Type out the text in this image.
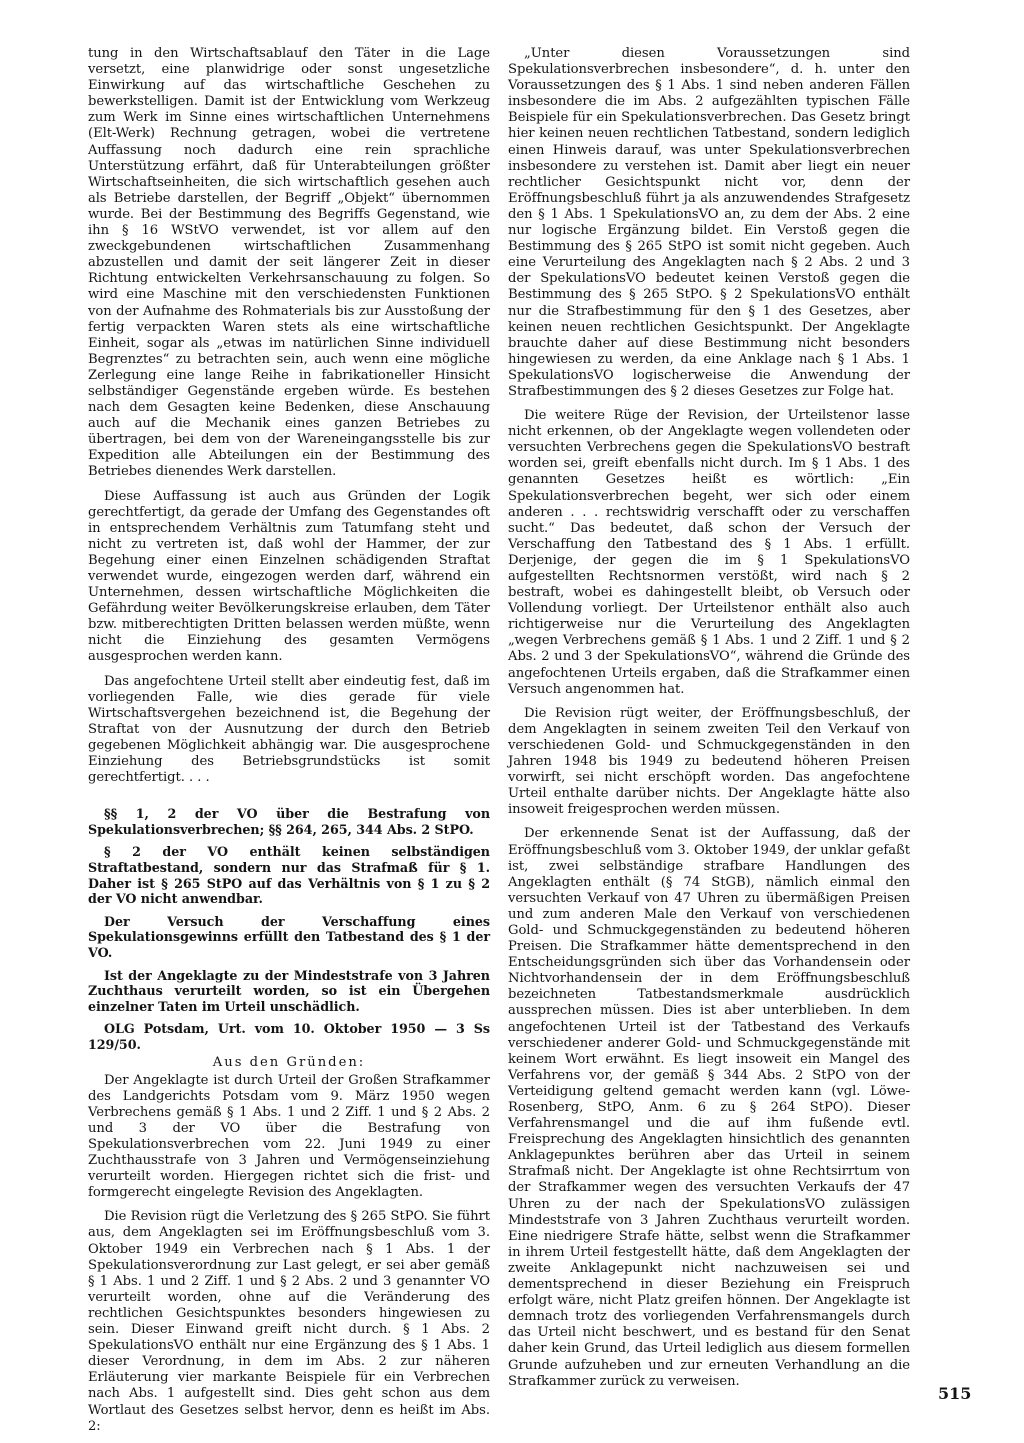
tung in den Wirtschaftsablauf den Täter in die Lage versetzt, eine planwidrige oder sonst ungesetzliche Einwirkung auf das wirtschaftliche Geschehen zu bewerkstelligen. Damit ist der Entwicklung vom Werkzeug zum Werk im Sinne eines wirtschaftlichen Unternehmens (Elt-Werk) Rechnung getragen, wobei die vertretene Auffassung noch dadurch eine rein sprachliche Unterstützung erfährt, daß für Unterabteilungen größter Wirtschaftseinheiten, die sich wirtschaftlich gesehen auch als Betriebe darstellen, der Begriff „Objekt“ übernommen wurde. Bei der Bestimmung des Begriffs Gegenstand, wie ihn § 16 WStVO verwendet, ist vor allem auf den zweckgebundenen wirtschaftlichen Zusammenhang abzustellen und damit der seit längerer Zeit in dieser Richtung entwickelten Verkehrsanschauung zu folgen. So wird eine Maschine mit den verschiedensten Funktionen von der Aufnahme des Rohmaterials bis zur Ausstoßung der fertig verpackten Waren stets als eine wirtschaftliche Einheit, sogar als „etwas im natürlichen Sinne individuell Begrenztes“ zu betrachten sein, auch wenn eine mögliche Zerlegung eine lange Reihe in fabrikationeller Hinsicht selbständiger Gegenstände ergeben würde. Es bestehen nach dem Gesagten keine Bedenken, diese Anschauung auch auf die Mechanik eines ganzen Betriebes zu übertragen, bei dem von der Wareneingangsstelle bis zur Expedition alle Abteilungen ein der Bestimmung des Betriebes dienendes Werk darstellen.

Diese Auffassung ist auch aus Gründen der Logik gerechtfertigt, da gerade der Umfang des Gegenstandes oft in entsprechendem Verhältnis zum Tatumfang steht und nicht zu vertreten ist, daß wohl der Hammer, der zur Begehung einer einen Einzelnen schädigenden Straftat verwendet wurde, eingezogen werden darf, während ein Unternehmen, dessen wirtschaftliche Möglichkeiten die Gefährdung weiter Bevölkerungskreise erlauben, dem Täter bzw. mitberechtigten Dritten belassen werden müßte, wenn nicht die Einziehung des gesamten Vermögens ausgesprochen werden kann.

Das angefochtene Urteil stellt aber eindeutig fest, daß im vorliegenden Falle, wie dies gerade für viele Wirtschaftsvergehen bezeichnend ist, die Begehung der Straftat von der Ausnutzung der durch den Betrieb gegebenen Möglichkeit abhängig war. Die ausgesprochene Einziehung des Betriebsgrundstücks ist somit gerechtfertigt. . . .

§§ 1, 2 der VO über die Bestrafung von Spekulationsverbrechen; §§ 264, 265, 344 Abs. 2 StPO.

§ 2 der VO enthält keinen selbständigen Straftatbestand, sondern nur das Strafmaß für § 1. Daher ist § 265 StPO auf das Verhältnis von § 1 zu § 2 der VO nicht anwendbar.

Der Versuch der Verschaffung eines Spekulationsgewinns erfüllt den Tatbestand des § 1 der VO.

Ist der Angeklagte zu der Mindeststrafe von 3 Jahren Zuchthaus verurteilt worden, so ist ein Übergehen einzelner Taten im Urteil unschädlich.

OLG Potsdam, Urt. vom 10. Oktober 1950 — 3 Ss 129/50.

Aus den Gründen:

Der Angeklagte ist durch Urteil der Großen Strafkammer des Landgerichts Potsdam vom 9. März 1950 wegen Verbrechens gemäß § 1 Abs. 1 und 2 Ziff. 1 und § 2 Abs. 2 und 3 der VO über die Bestrafung von Spekulationsverbrechen vom 22. Juni 1949 zu einer Zuchthausstrafe von 3 Jahren und Vermögenseinziehung verurteilt worden. Hiergegen richtet sich die frist- und formgerecht eingelegte Revision des Angeklagten.

Die Revision rügt die Verletzung des § 265 StPO. Sie führt aus, dem Angeklagten sei im Eröffnungsbeschluß vom 3. Oktober 1949 ein Verbrechen nach § 1 Abs. 1 der Spekulationsverordnung zur Last gelegt, er sei aber gemäß § 1 Abs. 1 und 2 Ziff. 1 und § 2 Abs. 2 und 3 genannter VO verurteilt worden, ohne auf die Veränderung des rechtlichen Gesichtspunktes besonders hingewiesen zu sein. Dieser Einwand greift nicht durch. § 1 Abs. 2 SpekulationsVO enthält nur eine Ergänzung des § 1 Abs. 1 dieser Verordnung, in dem im Abs. 2 zur näheren Erläuterung vier markante Beispiele für ein Verbrechen nach Abs. 1 aufgestellt sind. Dies geht schon aus dem Wortlaut des Gesetzes selbst hervor, denn es heißt im Abs. 2:

„Unter diesen Voraussetzungen sind Spekulationsverbrechen insbesondere“, d. h. unter den Voraussetzungen des § 1 Abs. 1 sind neben anderen Fällen insbesondere die im Abs. 2 aufgezählten typischen Fälle Beispiele für ein Spekulationsverbrechen. Das Gesetz bringt hier keinen neuen rechtlichen Tatbestand, sondern lediglich einen Hinweis darauf, was unter Spekulationsverbrechen insbesondere zu verstehen ist. Damit aber liegt ein neuer rechtlicher Gesichtspunkt nicht vor, denn der Eröffnungsbeschluß führt ja als anzuwendendes Strafgesetz den § 1 Abs. 1 SpekulationsVO an, zu dem der Abs. 2 eine nur logische Ergänzung bildet. Ein Verstoß gegen die Bestimmung des § 265 StPO ist somit nicht gegeben. Auch eine Verurteilung des Angeklagten nach § 2 Abs. 2 und 3 der SpekulationsVO bedeutet keinen Verstoß gegen die Bestimmung des § 265 StPO. § 2 SpekulationsVO enthält nur die Strafbestimmung für den § 1 des Gesetzes, aber keinen neuen rechtlichen Gesichtspunkt. Der Angeklagte brauchte daher auf diese Bestimmung nicht besonders hingewiesen zu werden, da eine Anklage nach § 1 Abs. 1 SpekulationsVO logischerweise die Anwendung der Strafbestimmungen des § 2 dieses Gesetzes zur Folge hat.

Die weitere Rüge der Revision, der Urteilstenor lasse nicht erkennen, ob der Angeklagte wegen vollendeten oder versuchten Verbrechens gegen die SpekulationsVO bestraft worden sei, greift ebenfalls nicht durch. Im § 1 Abs. 1 des genannten Gesetzes heißt es wörtlich: „Ein Spekulationsverbrechen begeht, wer sich oder einem anderen . . . rechtswidrig verschafft oder zu verschaffen sucht.“ Das bedeutet, daß schon der Versuch der Verschaffung den Tatbestand des § 1 Abs. 1 erfüllt. Derjenige, der gegen die im § 1 SpekulationsVO aufgestellten Rechtsnormen verstößt, wird nach § 2 bestraft, wobei es dahingestellt bleibt, ob Versuch oder Vollendung vorliegt. Der Urteilstenor enthält also auch richtigerweise nur die Verurteilung des Angeklagten „wegen Verbrechens gemäß § 1 Abs. 1 und 2 Ziff. 1 und § 2 Abs. 2 und 3 der SpekulationsVO“, während die Gründe des angefochtenen Urteils ergaben, daß die Strafkammer einen Versuch angenommen hat.

Die Revision rügt weiter, der Eröffnungsbeschluß, der dem Angeklagten in seinem zweiten Teil den Verkauf von verschiedenen Gold- und Schmuckgegenständen in den Jahren 1948 bis 1949 zu bedeutend höheren Preisen vorwirft, sei nicht erschöpft worden. Das angefochtene Urteil enthalte darüber nichts. Der Angeklagte hätte also insoweit freigesprochen werden müssen.

Der erkennende Senat ist der Auffassung, daß der Eröffnungsbeschluß vom 3. Oktober 1949, der unklar gefaßt ist, zwei selbständige strafbare Handlungen des Angeklagten enthält (§ 74 StGB), nämlich einmal den versuchten Verkauf von 47 Uhren zu übermäßigen Preisen und zum anderen Male den Verkauf von verschiedenen Gold- und Schmuckgegenständen zu bedeutend höheren Preisen. Die Strafkammer hätte dementsprechend in den Entscheidungsgründen sich über das Vorhandensein oder Nichtvorhandensein der in dem Eröffnungsbeschluß bezeichneten Tatbestandsmerkmale ausdrücklich aussprechen müssen. Dies ist aber unterblieben. In dem angefochtenen Urteil ist der Tatbestand des Verkaufs verschiedener anderer Gold- und Schmuckgegenstände mit keinem Wort erwähnt. Es liegt insoweit ein Mangel des Verfahrens vor, der gemäß § 344 Abs. 2 StPO von der Verteidigung geltend gemacht werden kann (vgl. Löwe-Rosenberg, StPO, Anm. 6 zu § 264 StPO). Dieser Verfahrensmangel und die auf ihm fußende evtl. Freisprechung des Angeklagten hinsichtlich des genannten Anklagepunktes berühren aber das Urteil in seinem Strafmaß nicht. Der Angeklagte ist ohne Rechtsirrtum von der Strafkammer wegen des versuchten Verkaufs der 47 Uhren zu der nach der SpekulationsVO zulässigen Mindeststrafe von 3 Jahren Zuchthaus verurteilt worden. Eine niedrigere Strafe hätte, selbst wenn die Strafkammer in ihrem Urteil festgestellt hätte, daß dem Angeklagten der zweite Anklagepunkt nicht nachzuweisen sei und dementsprechend in dieser Beziehung ein Freispruch erfolgt wäre, nicht Platz greifen hönnen. Der Angeklagte ist demnach trotz des vorliegenden Verfahrensmangels durch das Urteil nicht beschwert, und es bestand für den Senat daher kein Grund, das Urteil lediglich aus diesem formellen Grunde aufzuheben und zur erneuten Verhandlung an die Strafkammer zurück zu verweisen.

515
